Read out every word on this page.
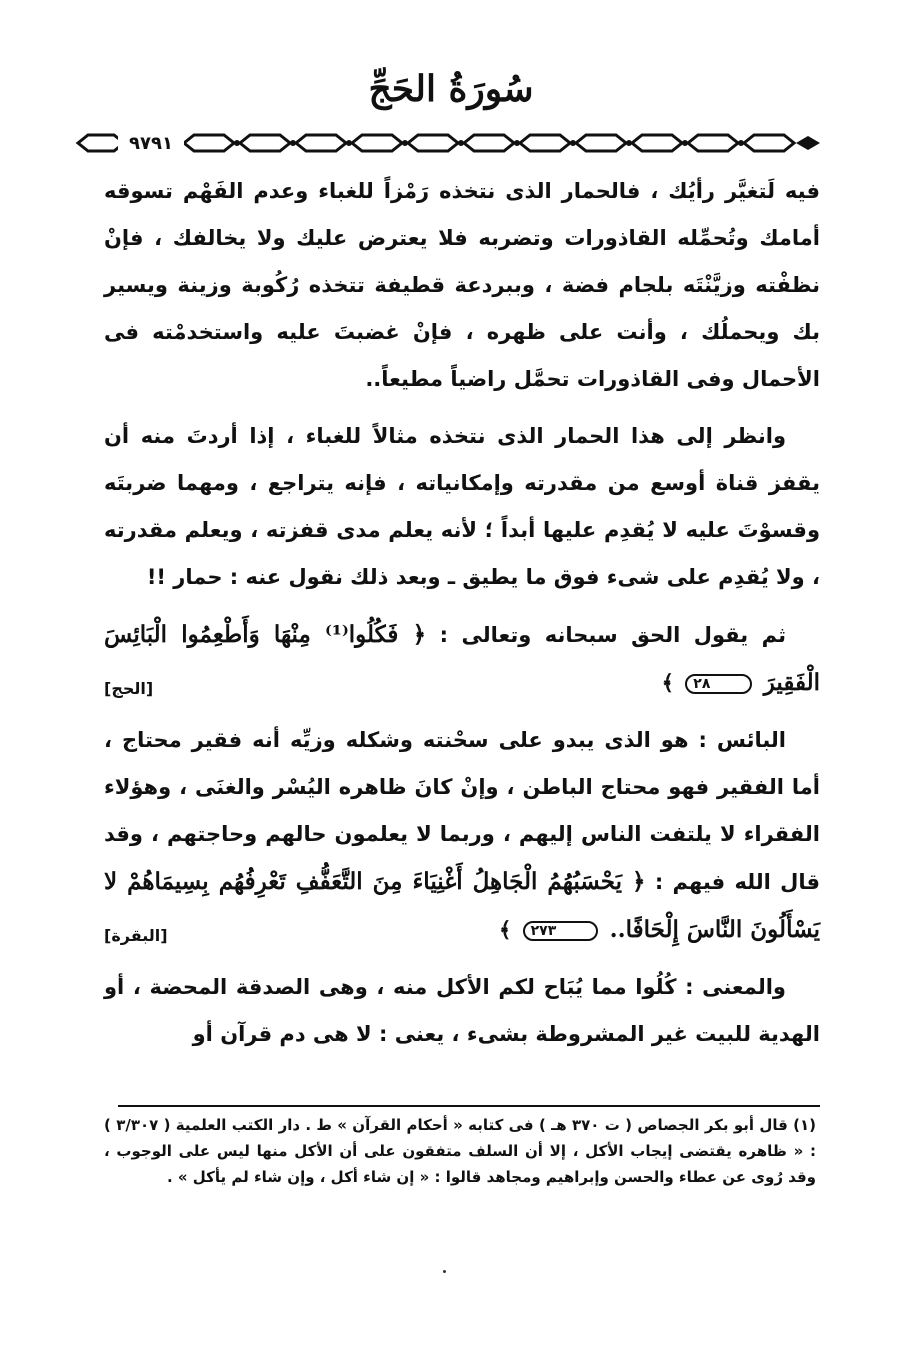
سُورَةُ الحَجِّ
٩٧٩١

فيه لَتغيَّر رأيُك ، فالحمار الذى نتخذه رَمْزاً للغباء وعدم الفَهْم تسوقه أمامك وتُحمِّله القاذورات وتضربه فلا يعترض عليك ولا يخالفك ، فإنْ نظفْته وزيَّنْتَه بلجام فضة ، وببردعة قطيفة تتخذه رُكُوبة وزينة ويسير بك ويحملُك ، وأنت على ظهره ، فإنْ غضبتَ عليه واستخدمْته فى الأحمال وفى القاذورات تحمَّل راضياً مطيعاً..

وانظر إلى هذا الحمار الذى نتخذه مثالاً للغباء ، إذا أردتَ منه أن يقفز قناة أوسع من مقدرته وإمكانياته ، فإنه يتراجع ، ومهما ضربتَه وقسوْتَ عليه لا يُقدِم عليها أبداً ؛ لأنه يعلم مدى قفزته ، ويعلم مقدرته ، ولا يُقدِم على شىء فوق ما يطيق ـ وبعد ذلك نقول عنه : حمار !!

ثم يقول الحق سبحانه وتعالى : ﴿ فَكُلُوا⁽¹⁾ مِنْهَا وَأَطْعِمُوا الْبَائِسَ الْفَقِيرَ ٢٨ ﴾
[الحج]

البائس : هو الذى يبدو على سحْنته وشكله وزيِّه أنه فقير محتاج ، أما الفقير فهو محتاج الباطن ، وإنْ كانَ ظاهره اليُسْر والغنَى ، وهؤلاء الفقراء لا يلتفت الناس إليهم ، وربما لا يعلمون حالهم وحاجتهم ، وقد قال الله فيهم : ﴿ يَحْسَبُهُمُ الْجَاهِلُ أَغْنِيَاءَ مِنَ التَّعَفُّفِ تَعْرِفُهُم بِسِيمَاهُمْ لا يَسْأَلُونَ النَّاسَ إِلْحَافًا.. ٢٧٣ ﴾
[البقرة]

والمعنى : كُلُوا مما يُبَاح لكم الأكل منه ، وهى الصدقة المحضة ، أو الهدية للبيت غير المشروطة بشىء ، يعنى : لا هى دم قرآن أو

(١) قال أبو بكر الجصاص ( ت ٣٧٠ هـ ) فى كتابه « أحكام القرآن » ط . دار الكتب العلمية ( ٣/٣٠٧ ) : « ظاهره يقتضى إيجاب الأكل ، إلا أن السلف متفقون على أن الأكل منها ليس على الوجوب ، وقد رُوى عن عطاء والحسن وإبراهيم ومجاهد قالوا : « إن شاء أكل ، وإن شاء لم يأكل » .
